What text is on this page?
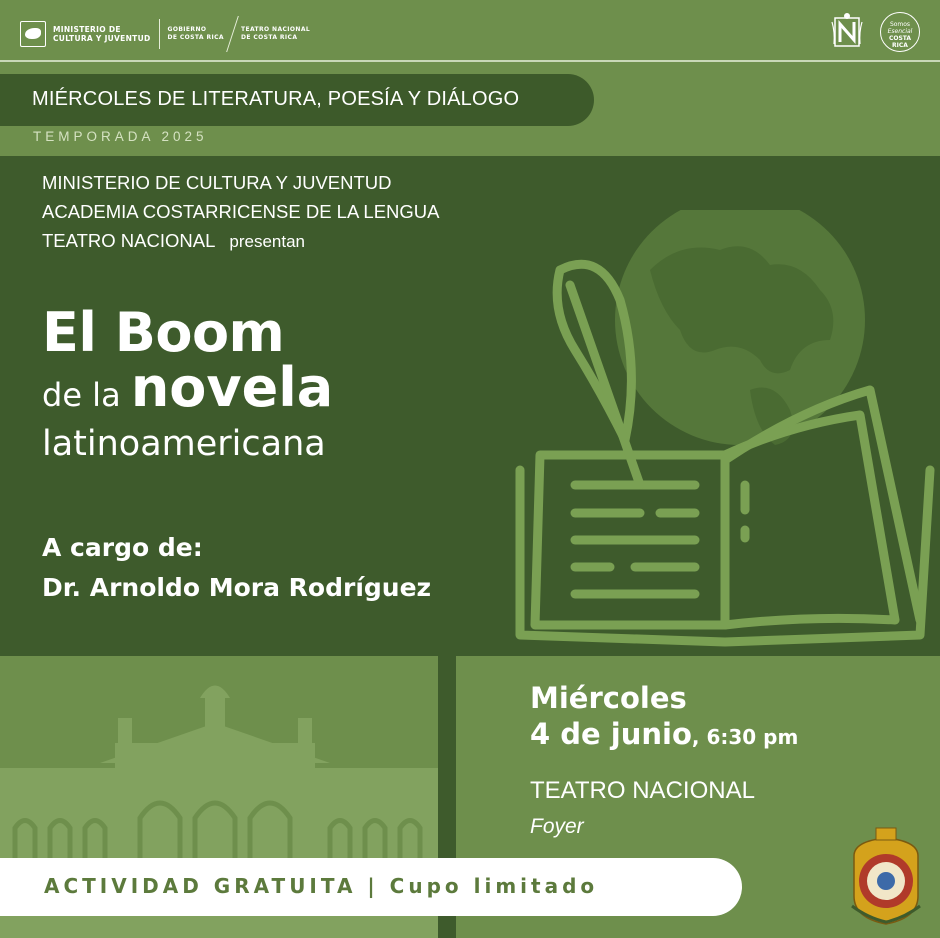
MINISTERIO DE
CULTURA Y JUVENTUD
GOBIERNO
DE COSTA RICA
TEATRO NACIONAL
DE COSTA RICA
Somos
Esencial
COSTA
RICA
MIÉRCOLES DE LITERATURA, POESÍA Y DIÁLOGO
TEMPORADA 2025
MINISTERIO DE CULTURA Y JUVENTUD
ACADEMIA COSTARRICENSE DE LA LENGUA
TEATRO NACIONAL presentan
El Boom
de la novela
latinoamericana
A cargo de:
Dr. Arnoldo Mora Rodríguez
Miércoles
4 de junio, 6:30 pm
TEATRO NACIONAL
Foyer
ACTIVIDAD GRATUITA | Cupo limitado
